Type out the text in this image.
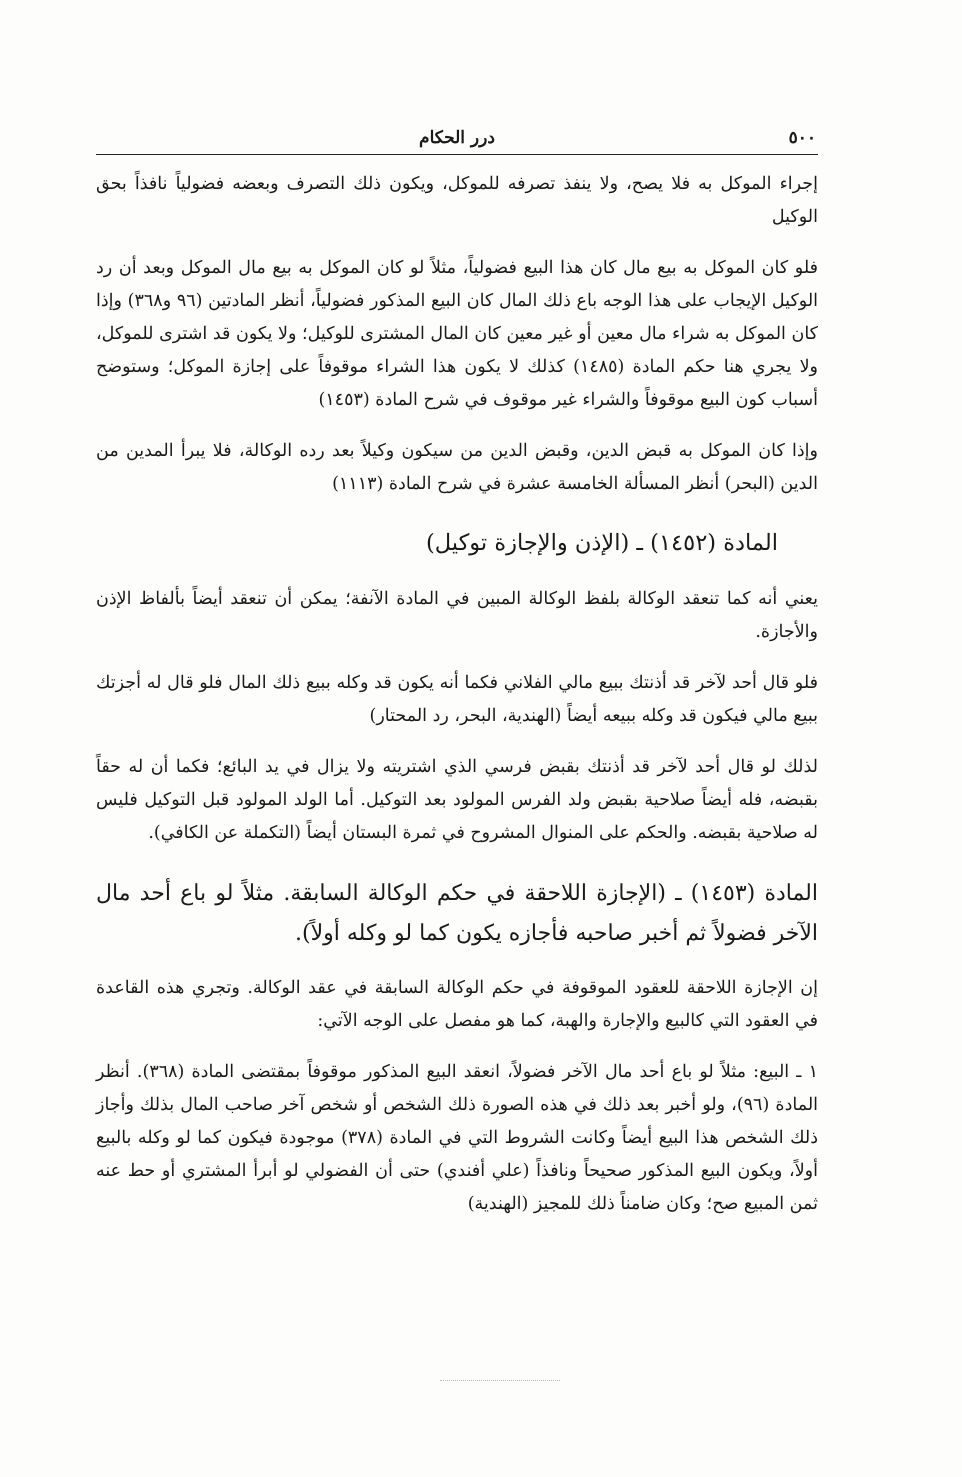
٥٠٠
درر الحكام

إجراء الموكل به فلا يصح، ولا ينفذ تصرفه للموكل، ويكون ذلك التصرف وبعضه فضولياً نافذاً بحق الوكيل

فلو كان الموكل به بيع مال كان هذا البيع فضولياً، مثلاً لو كان الموكل به بيع مال الموكل وبعد أن رد الوكيل الإيجاب على هذا الوجه باع ذلك المال كان البيع المذكور فضولياً، أنظر المادتين (٩٦ و٣٦٨) وإذا كان الموكل به شراء مال معين أو غير معين كان المال المشترى للوكيل؛ ولا يكون قد اشترى للموكل، ولا يجري هنا حكم المادة (١٤٨٥) كذلك لا يكون هذا الشراء موقوفاً على إجازة الموكل؛ وستوضح أسباب كون البيع موقوفاً والشراء غير موقوف في شرح المادة (١٤٥٣)

وإذا كان الموكل به قبض الدين، وقبض الدين من سيكون وكيلاً بعد رده الوكالة، فلا يبرأ المدين من الدين (البحر) أنظر المسألة الخامسة عشرة في شرح المادة (١١١٣)

المادة (١٤٥٢) ـ (الإذن والإجازة توكيل)

يعني أنه كما تنعقد الوكالة بلفظ الوكالة المبين في المادة الآنفة؛ يمكن أن تنعقد أيضاً بألفاظ الإذن والأجازة.

فلو قال أحد لآخر قد أذنتك ببيع مالي الفلاني فكما أنه يكون قد وكله ببيع ذلك المال فلو قال له أجزتك ببيع مالي فيكون قد وكله ببيعه أيضاً (الهندية، البحر، رد المحتار)

لذلك لو قال أحد لآخر قد أذنتك بقبض فرسي الذي اشتريته ولا يزال في يد البائع؛ فكما أن له حقاً بقبضه، فله أيضاً صلاحية بقبض ولد الفرس المولود بعد التوكيل. أما الولد المولود قبل التوكيل فليس له صلاحية بقبضه. والحكم على المنوال المشروح في ثمرة البستان أيضاً (التكملة عن الكافي).

المادة (١٤٥٣) ـ (الإجازة اللاحقة في حكم الوكالة السابقة. مثلاً لو باع أحد مال الآخر فضولاً ثم أخبر صاحبه فأجازه يكون كما لو وكله أولاً).

إن الإجازة اللاحقة للعقود الموقوفة في حكم الوكالة السابقة في عقد الوكالة. وتجري هذه القاعدة في العقود التي كالبيع والإجارة والهبة، كما هو مفصل على الوجه الآتي:

١ ـ البيع: مثلاً لو باع أحد مال الآخر فضولاً، انعقد البيع المذكور موقوفاً بمقتضى المادة (٣٦٨). أنظر المادة (٩٦)، ولو أخبر بعد ذلك في هذه الصورة ذلك الشخص أو شخص آخر صاحب المال بذلك وأجاز ذلك الشخص هذا البيع أيضاً وكانت الشروط التي في المادة (٣٧٨) موجودة فيكون كما لو وكله بالبيع أولاً، ويكون البيع المذكور صحيحاً ونافذاً (علي أفندي) حتى أن الفضولي لو أبرأ المشتري أو حط عنه ثمن المبيع صح؛ وكان ضامناً ذلك للمجيز (الهندية)
